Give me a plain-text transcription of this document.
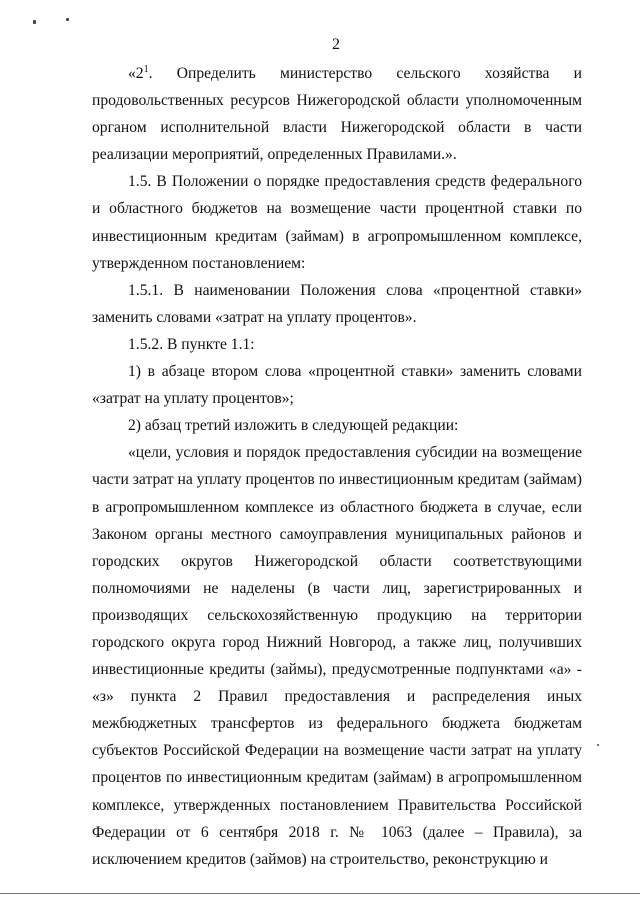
2

«$2^1$. Определить министерство сельского хозяйства и продовольственных ресурсов Нижегородской области уполномоченным органом исполнительной власти Нижегородской области в части реализации мероприятий, определенных Правилами.».

1.5. В Положении о порядке предоставления средств федерального и областного бюджетов на возмещение части процентной ставки по инвестиционным кредитам (займам) в агропромышленном комплексе, утвержденном постановлением:

1.5.1. В наименовании Положения слова «процентной ставки» заменить словами «затрат на уплату процентов».

1.5.2. В пункте 1.1:

1) в абзаце втором слова «процентной ставки» заменить словами «затрат на уплату процентов»;

2) абзац третий изложить в следующей редакции:

«цели, условия и порядок предоставления субсидии на возмещение части затрат на уплату процентов по инвестиционным кредитам (займам) в агропромышленном комплексе из областного бюджета в случае, если Законом органы местного самоуправления муниципальных районов и городских округов Нижегородской области соответствующими полномочиями не наделены (в части лиц, зарегистрированных и производящих сельскохозяйственную продукцию на территории городского округа город Нижний Новгород, а также лиц, получивших инвестиционные кредиты (займы), предусмотренные подпунктами «а» - «з» пункта 2 Правил предоставления и распределения иных межбюджетных трансфертов из федерального бюджета бюджетам субъектов Российской Федерации на возмещение части затрат на уплату процентов по инвестиционным кредитам (займам) в агропромышленном комплексе, утвержденных постановлением Правительства Российской Федерации от 6 сентября 2018 г. № 1063 (далее – Правила), за исключением кредитов (займов) на строительство, реконструкцию и
